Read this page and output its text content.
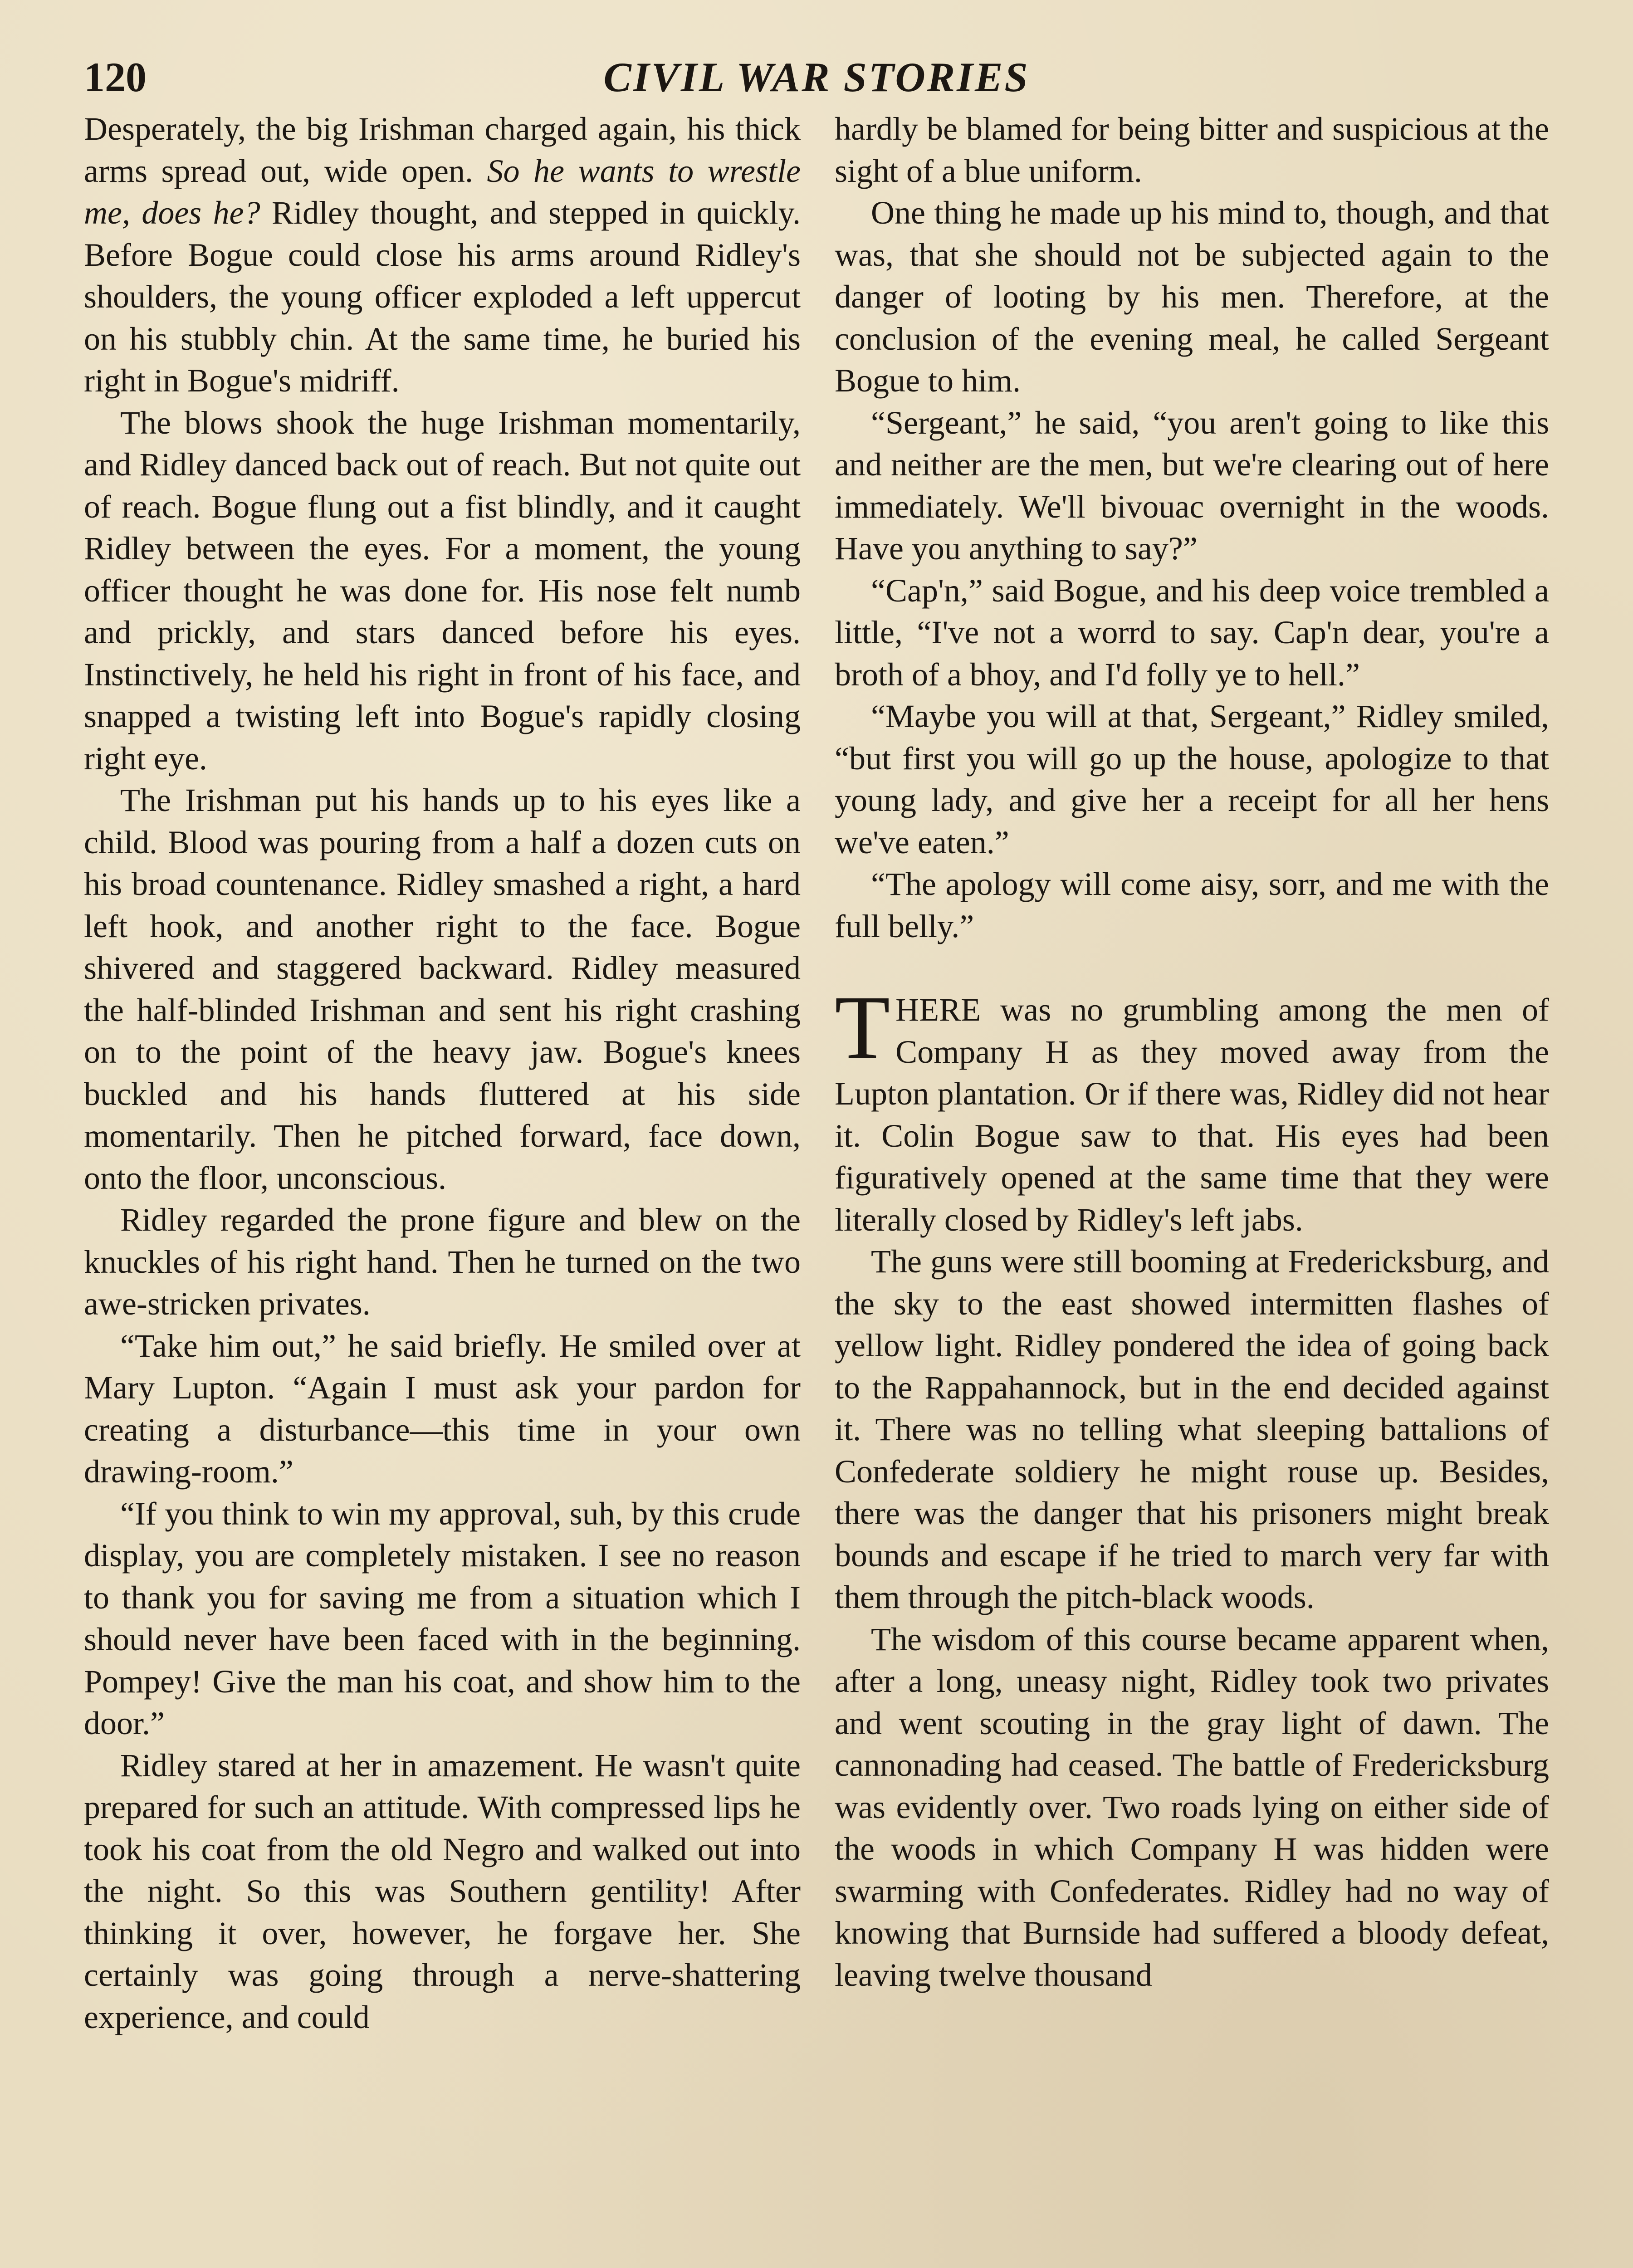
120	CIVIL WAR STORIES

Desperately, the big Irishman charged again, his thick arms spread out, wide open. So he wants to wrestle me, does he? Ridley thought, and stepped in quickly. Before Bogue could close his arms around Ridley's shoulders, the young officer exploded a left uppercut on his stubbly chin. At the same time, he buried his right in Bogue's midriff.

The blows shook the huge Irishman momentarily, and Ridley danced back out of reach. But not quite out of reach. Bogue flung out a fist blindly, and it caught Ridley between the eyes. For a moment, the young officer thought he was done for. His nose felt numb and prickly, and stars danced before his eyes. Instinctively, he held his right in front of his face, and snapped a twisting left into Bogue's rapidly closing right eye.

The Irishman put his hands up to his eyes like a child. Blood was pouring from a half a dozen cuts on his broad countenance. Ridley smashed a right, a hard left hook, and another right to the face. Bogue shivered and staggered backward. Ridley measured the half-blinded Irishman and sent his right crashing on to the point of the heavy jaw. Bogue's knees buckled and his hands fluttered at his side momentarily. Then he pitched forward, face down, onto the floor, unconscious.

Ridley regarded the prone figure and blew on the knuckles of his right hand. Then he turned on the two awe-stricken privates.

“Take him out,” he said briefly. He smiled over at Mary Lupton. “Again I must ask your pardon for creating a disturbance—this time in your own drawing-room.”

“If you think to win my approval, suh, by this crude display, you are completely mistaken. I see no reason to thank you for saving me from a situation which I should never have been faced with in the beginning. Pompey! Give the man his coat, and show him to the door.”

Ridley stared at her in amazement. He wasn't quite prepared for such an attitude. With compressed lips he took his coat from the old Negro and walked out into the night. So this was Southern gentility! After thinking it over, however, he forgave her. She certainly was going through a nerve-shattering experience, and could

hardly be blamed for being bitter and suspicious at the sight of a blue uniform.

One thing he made up his mind to, though, and that was, that she should not be subjected again to the danger of looting by his men. Therefore, at the conclusion of the evening meal, he called Sergeant Bogue to him.

“Sergeant,” he said, “you aren't going to like this and neither are the men, but we're clearing out of here immediately. We'll bivouac overnight in the woods. Have you anything to say?”

“Cap'n,” said Bogue, and his deep voice trembled a little, “I've not a worrd to say. Cap'n dear, you're a broth of a bhoy, and I'd folly ye to hell.”

“Maybe you will at that, Sergeant,” Ridley smiled, “but first you will go up the house, apologize to that young lady, and give her a receipt for all her hens we've eaten.”

“The apology will come aisy, sorr, and me with the full belly.”

T HERE was no grumbling among the men of Company H as they moved away from the Lupton plantation. Or if there was, Ridley did not hear it. Colin Bogue saw to that. His eyes had been figuratively opened at the same time that they were literally closed by Ridley's left jabs.

The guns were still booming at Fredericksburg, and the sky to the east showed intermitten flashes of yellow light. Ridley pondered the idea of going back to the Rappahannock, but in the end decided against it. There was no telling what sleeping battalions of Confederate soldiery he might rouse up. Besides, there was the danger that his prisoners might break bounds and escape if he tried to march very far with them through the pitch-black woods.

The wisdom of this course became apparent when, after a long, uneasy night, Ridley took two privates and went scouting in the gray light of dawn. The cannonading had ceased. The battle of Fredericksburg was evidently over. Two roads lying on either side of the woods in which Company H was hidden were swarming with Confederates. Ridley had no way of knowing that Burnside had suffered a bloody defeat, leaving twelve thousand
